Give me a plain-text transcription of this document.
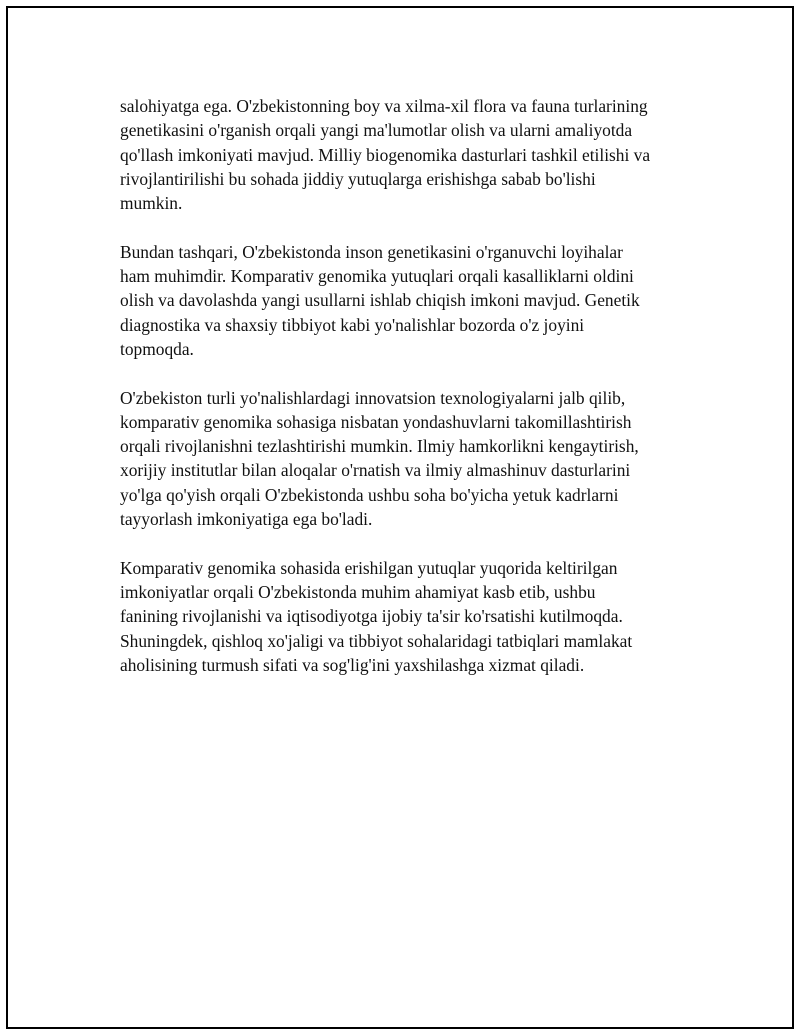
salohiyatga ega. O'zbekistonning boy va xilma-xil flora va fauna turlarining
genetikasini o'rganish orqali yangi ma'lumotlar olish va ularni amaliyotda
qo'llash imkoniyati mavjud. Milliy biogenomika dasturlari tashkil etilishi va
rivojlantirilishi bu sohada jiddiy yutuqlarga erishishga sabab bo'lishi
mumkin.

Bundan tashqari, O'zbekistonda inson genetikasini o'rganuvchi loyihalar
ham muhimdir. Komparativ genomika yutuqlari orqali kasalliklarni oldini
olish va davolashda yangi usullarni ishlab chiqish imkoni mavjud. Genetik
diagnostika va shaxsiy tibbiyot kabi yo'nalishlar bozorda o'z joyini
topmoqda.

O'zbekiston turli yo'nalishlardagi innovatsion texnologiyalarni jalb qilib,
komparativ genomika sohasiga nisbatan yondashuvlarni takomillashtirish
orqali rivojlanishni tezlashtirishi mumkin. Ilmiy hamkorlikni kengaytirish,
xorijiy institutlar bilan aloqalar o'rnatish va ilmiy almashinuv dasturlarini
yo'lga qo'yish orqali O'zbekistonda ushbu soha bo'yicha yetuk kadrlarni
tayyorlash imkoniyatiga ega bo'ladi.

Komparativ genomika sohasida erishilgan yutuqlar yuqorida keltirilgan
imkoniyatlar orqali O'zbekistonda muhim ahamiyat kasb etib, ushbu
fanining rivojlanishi va iqtisodiyotga ijobiy ta'sir ko'rsatishi kutilmoqda.
Shuningdek, qishloq xo'jaligi va tibbiyot sohalaridagi tatbiqlari mamlakat
aholisining turmush sifati va sog'lig'ini yaxshilashga xizmat qiladi.
